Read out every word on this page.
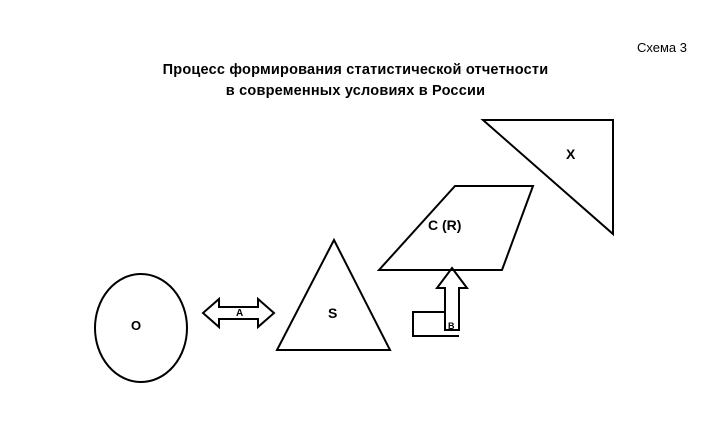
Схема 3
Процесс формирования статистической отчетности
в современных условиях в России
X
C (R)
S
O
A
B
